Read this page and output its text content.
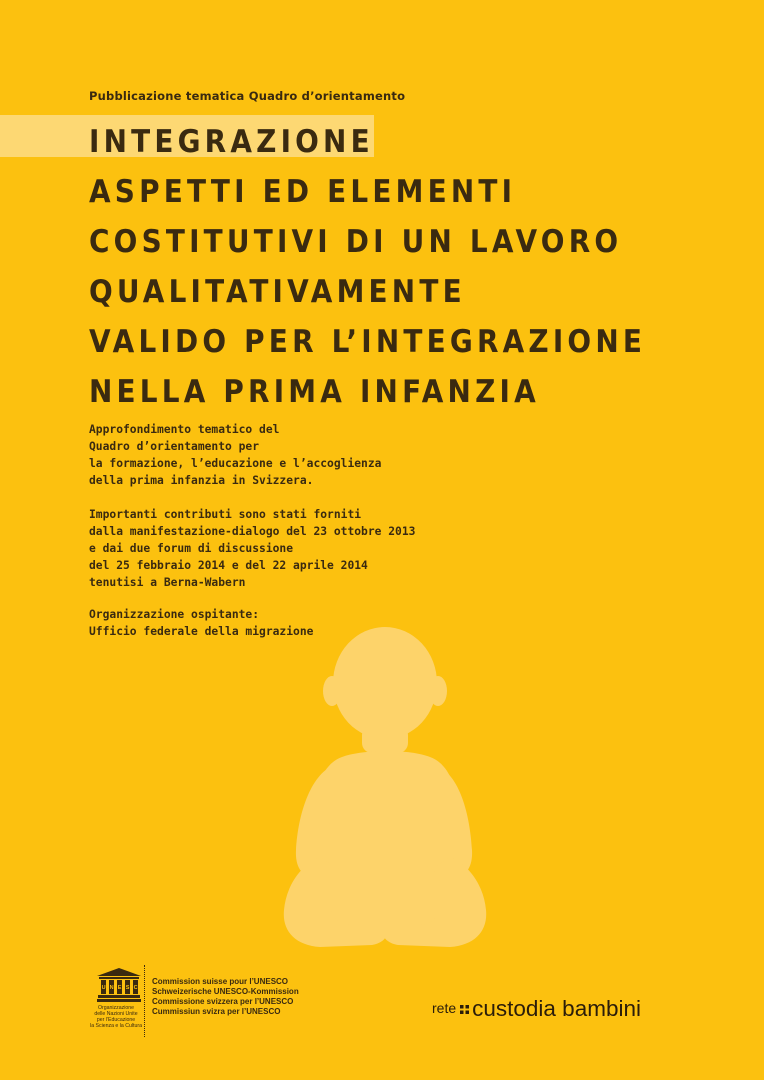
Pubblicazione tematica Quadro d’orientamento
INTEGRAZIONE
ASPETTI ED ELEMENTI
COSTITUTIVI DI UN LAVORO
QUALITATIVAMENTE
VALIDO PER L’INTEGRAZIONE
NELLA PRIMA INFANZIA
Approfondimento tematico del
Quadro d’orientamento per
la formazione, l’educazione e l’accoglienza
della prima infanzia in Svizzera.
Importanti contributi sono stati forniti
dalla manifestazione-dialogo del 23 ottobre 2013
e dai due forum di discussione
del 25 febbraio 2014 e del 22 aprile 2014
tenutisi a Berna-Wabern
Organizzazione ospitante:
Ufficio federale della migrazione
U N E S C
Organizzazione
delle Nazioni Unite
per l’Educazione
la Scienza e la Cultura
Commission suisse pour l’UNESCO
Schweizerische UNESCO-Kommission
Commissione svizzera per l’UNESCO
Cummissiun svizra per l’UNESCO	rete custodia bambini
